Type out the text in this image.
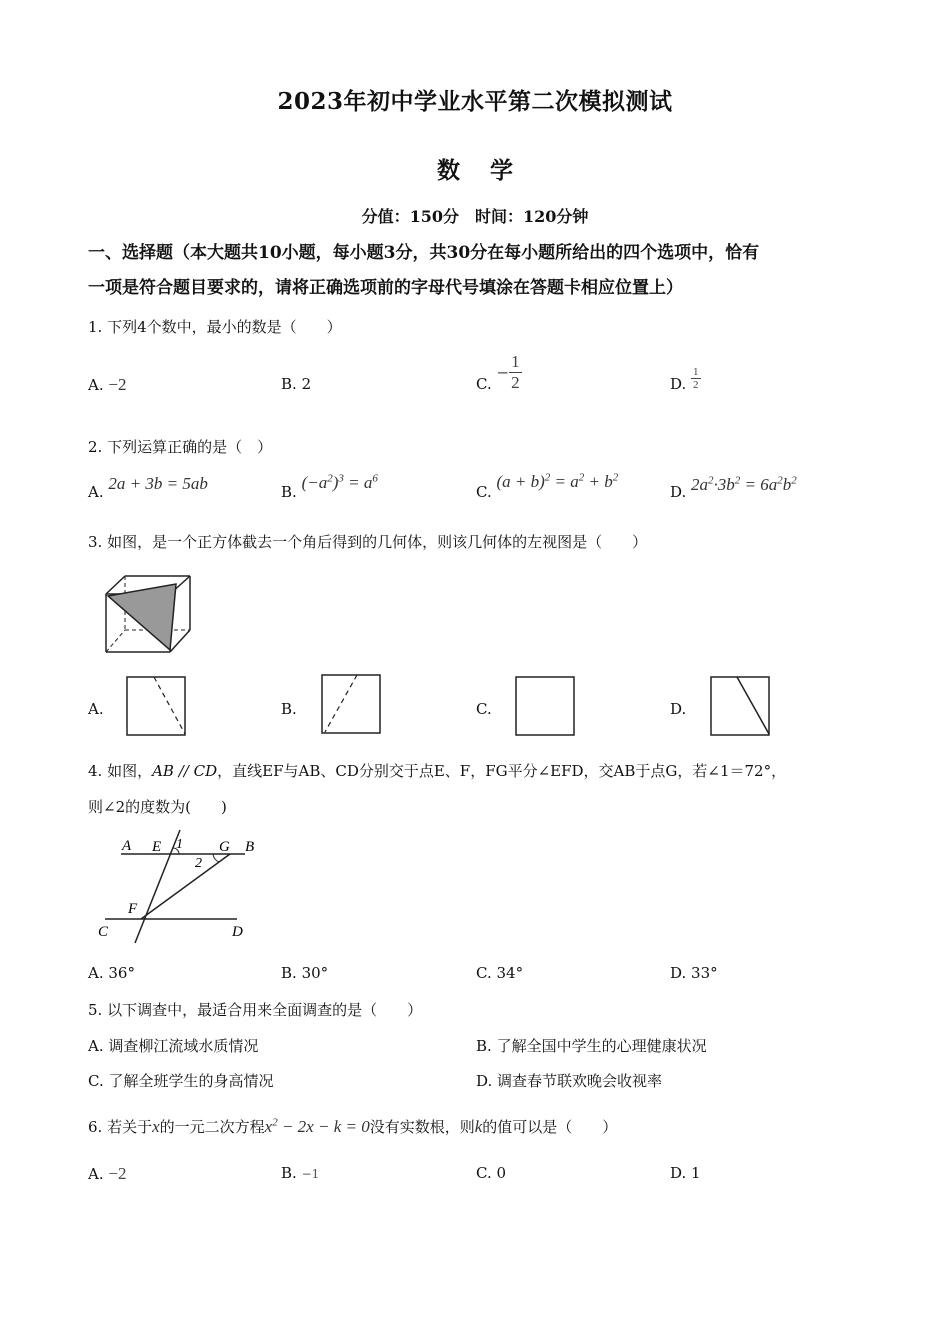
2023年初中学业水平第二次模拟测试
数学
分值：150分　时间：120分钟
一、选择题（本大题共10小题，每小题3分，共30分在每小题所给出的四个选项中，恰有
一项是符合题目要求的，请将正确选项前的字母代号填涂在答题卡相应位置上）
1. 下列4个数中，最小的数是（　　）
A. −2	B. 2	C. − $\frac{1}{2}$	D. $\frac{1}{2}$
2. 下列运算正确的是（　）
A. 2a + 3b = 5ab	B. $(-a^2)^3 = a^6$
C. $(a + b)^2 = a^2 + b^2$
D. $2a^2\cdot 3b^2 = 6a^2b^2$
3. 如图，是一个正方体截去一个角后得到的几何体，则该几何体的左视图是（　　）
A.	B.	C.	D.
4. 如图，AB // CD，直线EF与AB、CD分别交于点E、F，FG平分∠EFD，交AB于点G，若∠1＝72°，
则∠2的度数为(　　)
A E 1 G B
2
F
C	D
A. 36°	B. 30°	C. 34°	D. 33°
5. 以下调查中，最适合用来全面调查的是（　　）
A. 调查柳江流域水质情况	B. 了解全国中学生的心理健康状况
C. 了解全班学生的身高情况	D. 调查春节联欢晚会收视率
6. 若关于x的一元二次方程$x^2 - 2x - k = 0$没有实数根，则k的值可以是（　　）
A. −2	B. −1	C. 0	D. 1
